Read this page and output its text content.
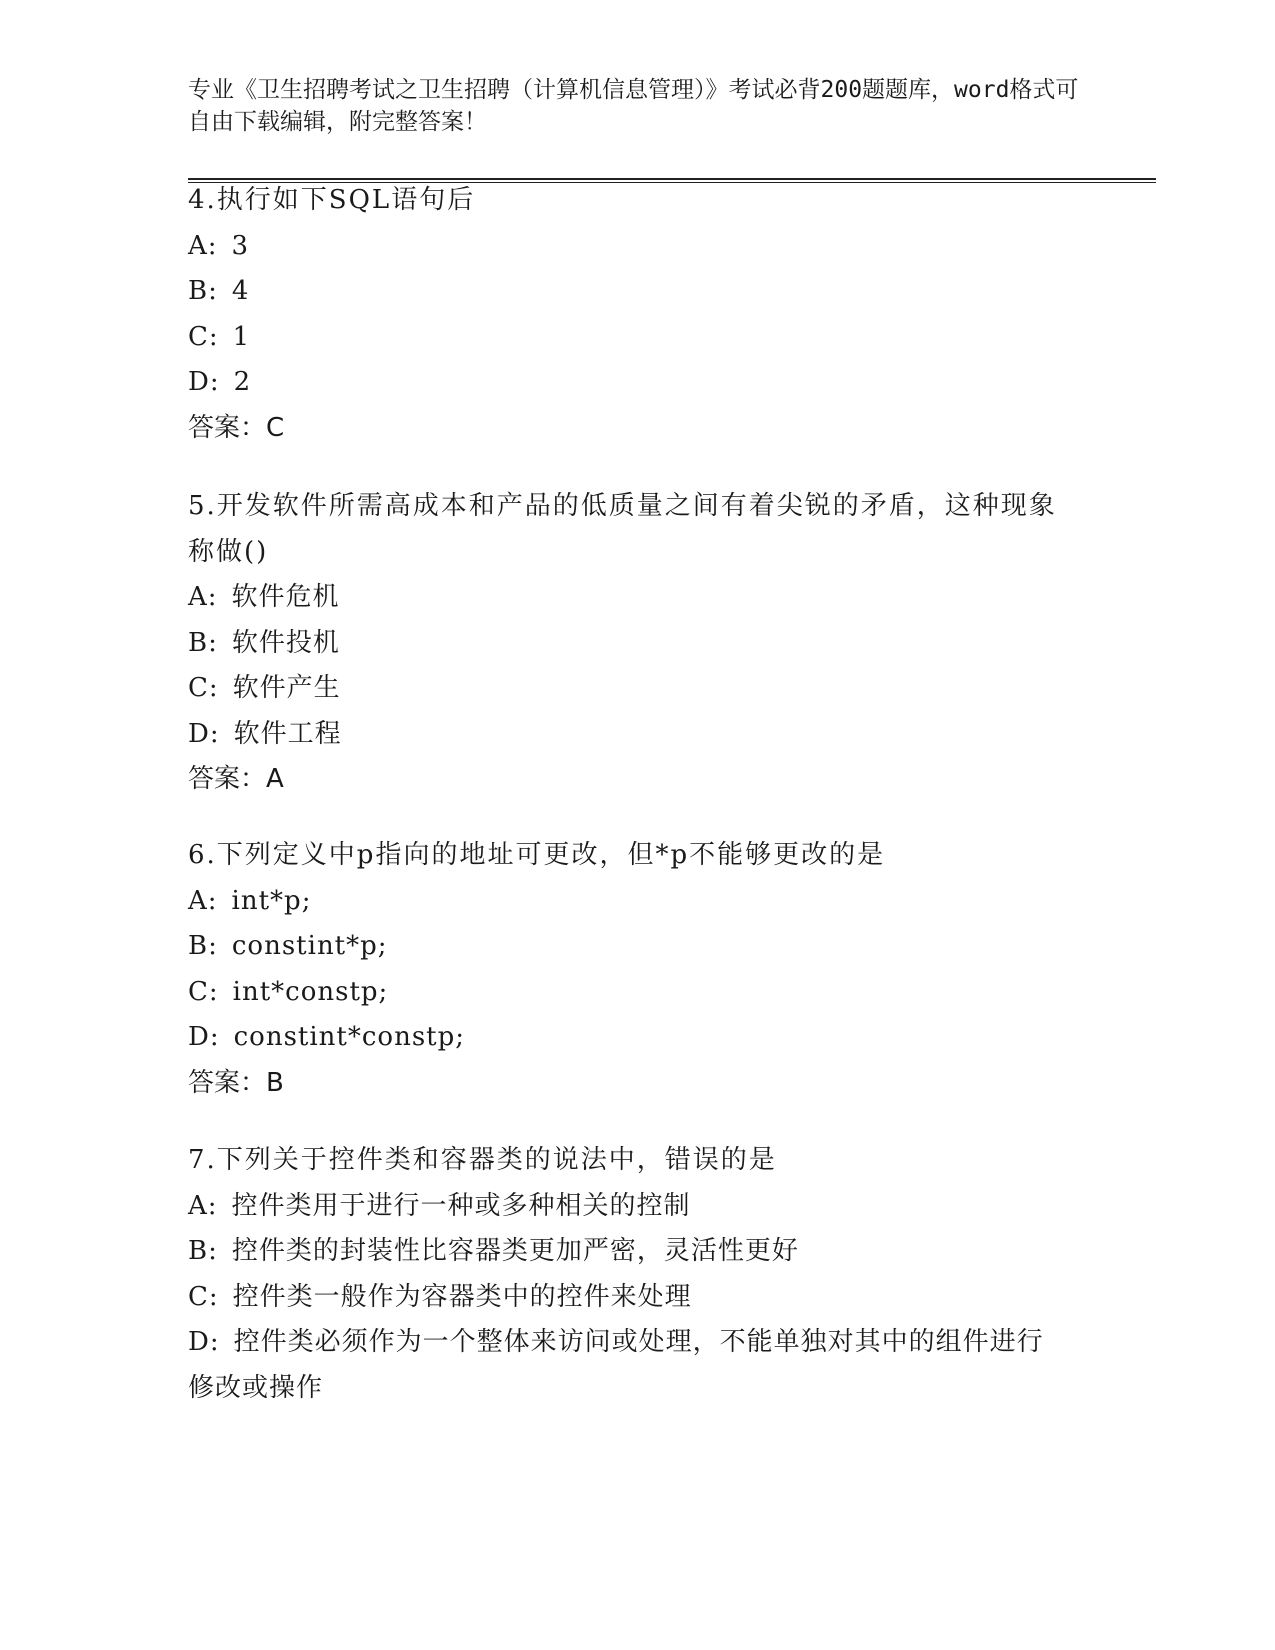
专业《卫生招聘考试之卫生招聘（计算机信息管理）》考试必背200题题库，word格式可自由下载编辑，附完整答案！
4.执行如下SQL语句后
A: 3
B: 4
C: 1
D: 2
答案：C
5.开发软件所需高成本和产品的低质量之间有着尖锐的矛盾，这种现象称做()
A: 软件危机
B: 软件投机
C: 软件产生
D: 软件工程
答案：A
6.下列定义中p指向的地址可更改，但*p不能够更改的是
A: int*p;
B: constint*p;
C: int*constp;
D: constint*constp;
答案：B
7.下列关于控件类和容器类的说法中，错误的是
A: 控件类用于进行一种或多种相关的控制
B: 控件类的封装性比容器类更加严密，灵活性更好
C: 控件类一般作为容器类中的控件来处理
D: 控件类必须作为一个整体来访问或处理，不能单独对其中的组件进行修改或操作
